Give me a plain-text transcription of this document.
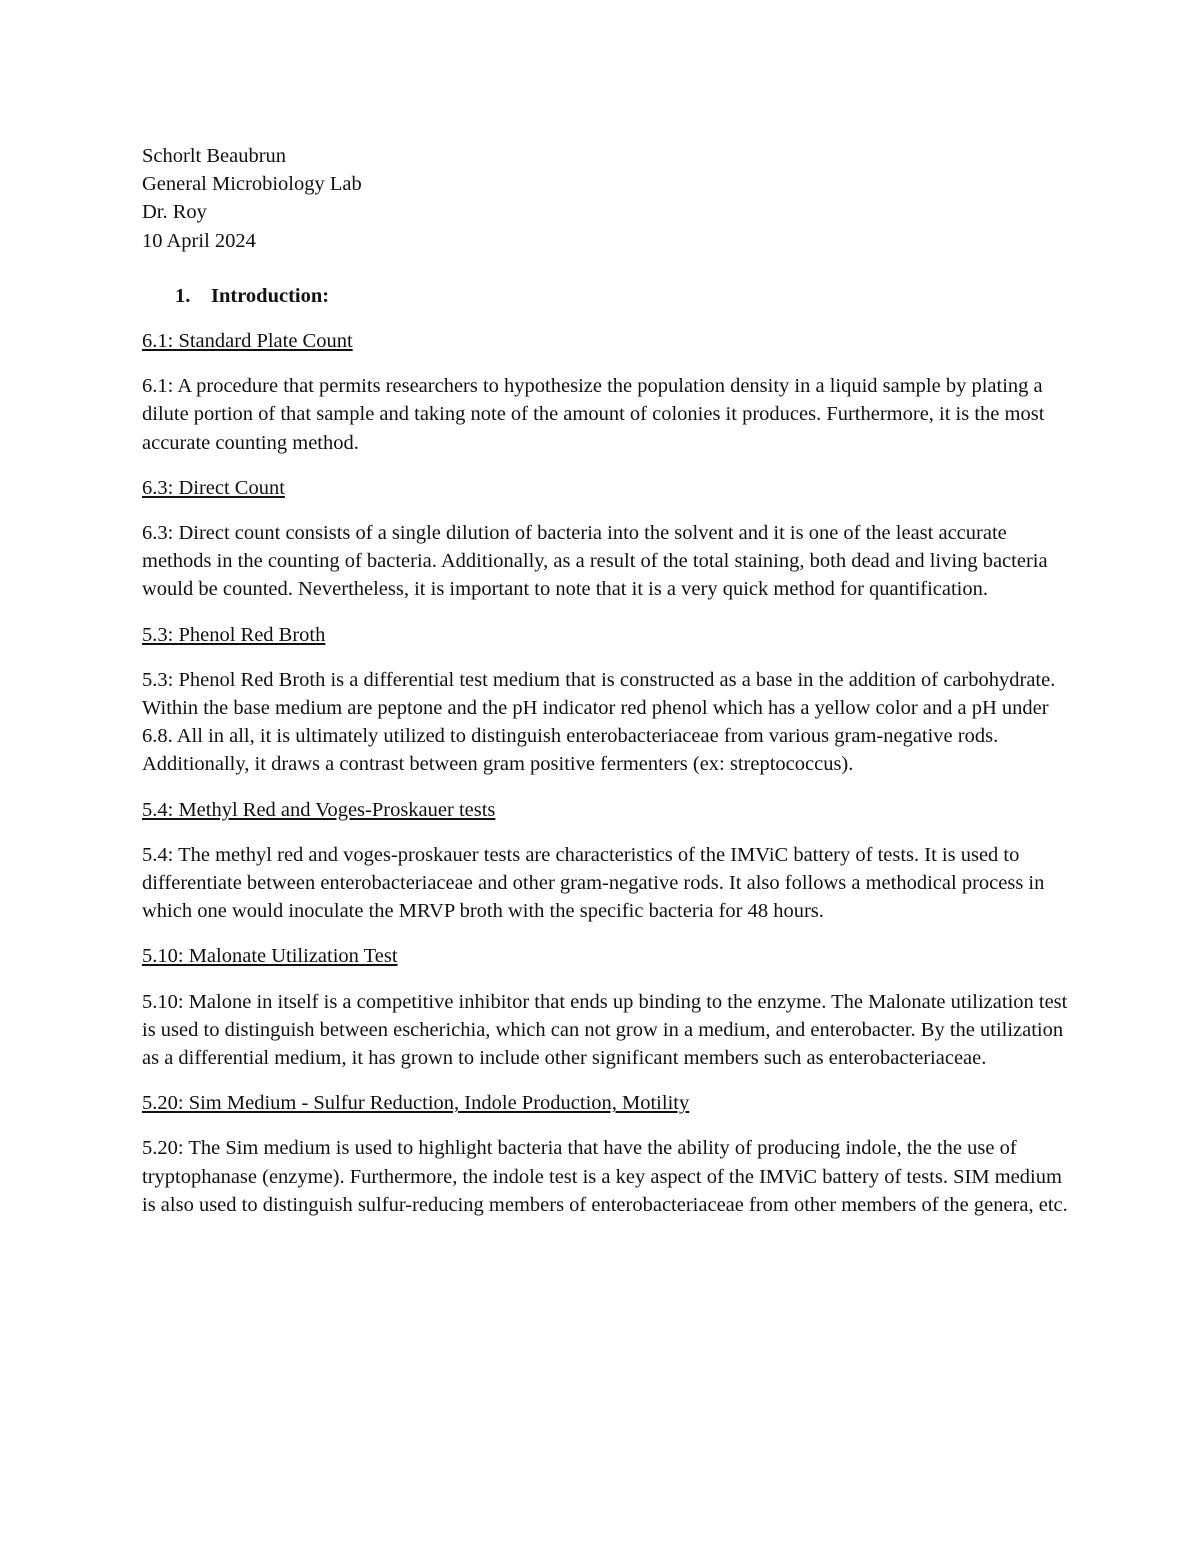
Schorlt Beaubrun

General Microbiology Lab

Dr. Roy

10 April 2024

1.	Introduction:

6.1: Standard Plate Count

6.1: A procedure that permits researchers to hypothesize the population density in a liquid sample by plating a dilute portion of that sample and taking note of the amount of colonies it produces. Furthermore, it is the most accurate counting method.

6.3: Direct Count

6.3: Direct count consists of a single dilution of bacteria into the solvent and it is one of the least accurate methods in the counting of bacteria. Additionally, as a result of the total staining, both dead and living bacteria would be counted. Nevertheless, it is important to note that it is a very quick method for quantification.

5.3: Phenol Red Broth

5.3: Phenol Red Broth is a differential test medium that is constructed as a base in the addition of carbohydrate. Within the base medium are peptone and the pH indicator red phenol which has a yellow color and a pH under 6.8. All in all, it is ultimately utilized to distinguish enterobacteriaceae from various gram-negative rods. Additionally, it draws a contrast between gram positive fermenters (ex: streptococcus).

5.4: Methyl Red and Voges-Proskauer tests

5.4: The methyl red and voges-proskauer tests are characteristics of the IMViC battery of tests. It is used to differentiate between enterobacteriaceae and other gram-negative rods. It also follows a methodical process in which one would inoculate the MRVP broth with the specific bacteria for 48 hours.

5.10: Malonate Utilization Test

5.10: Malone in itself is a competitive inhibitor that ends up binding to the enzyme. The Malonate utilization test is used to distinguish between escherichia, which can not grow in a medium, and enterobacter. By the utilization as a differential medium, it has grown to include other significant members such as enterobacteriaceae.

5.20: Sim Medium - Sulfur Reduction, Indole Production, Motility

5.20: The Sim medium is used to highlight bacteria that have the ability of producing indole, the the use of tryptophanase (enzyme). Furthermore, the indole test is a key aspect of the IMViC battery of tests. SIM medium is also used to distinguish sulfur-reducing members of enterobacteriaceae from other members of the genera, etc.
